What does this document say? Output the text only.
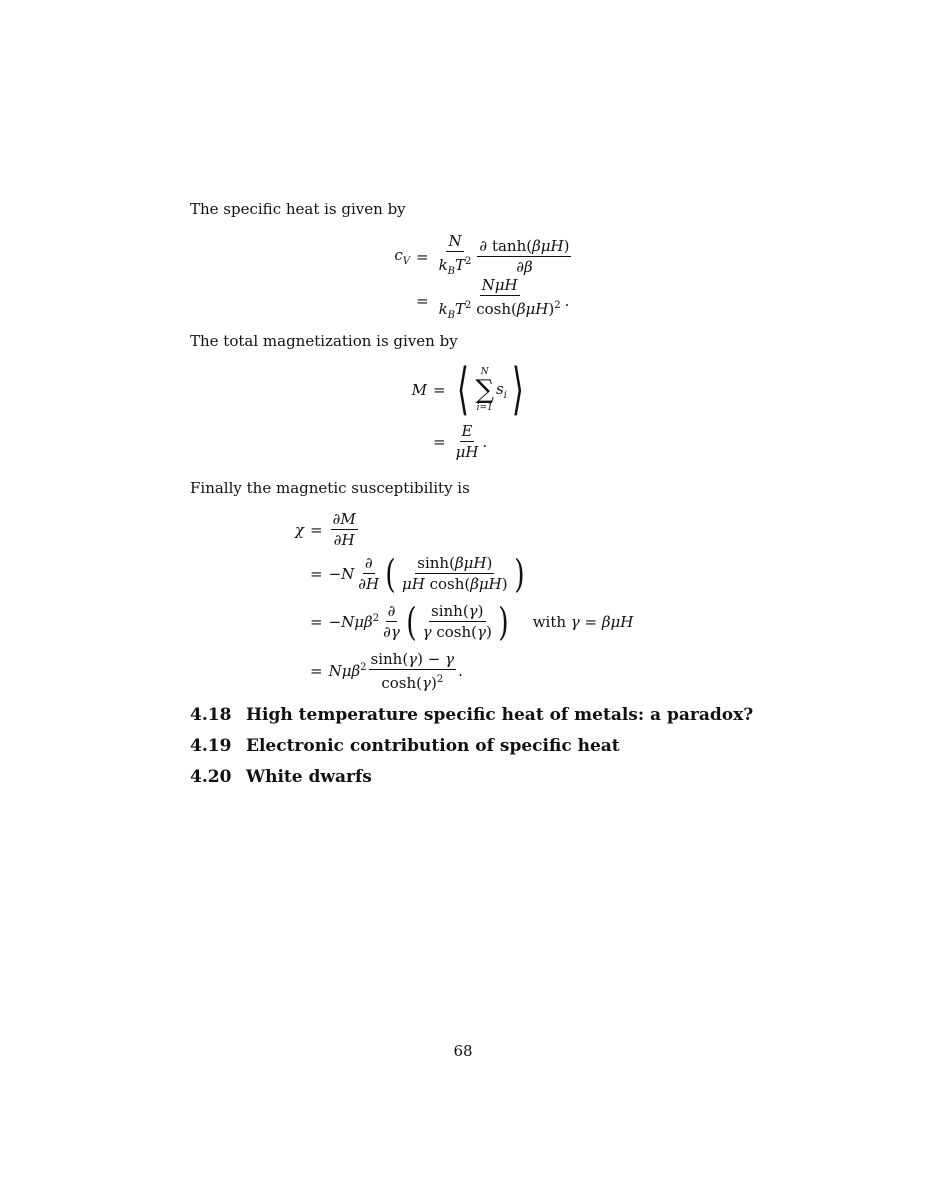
The specific heat is given by
$c_V = \frac{N}{k_BT^2} \frac{\text{∂ tanh(βμH)}}{\partial\beta}$
= $\frac{\text{NμH}}{k_BT^2 \cosh(\beta\mu H)^2}$ .
The total magnetization is given by
M = ⟨ N
∑
i=1
$s_i$ ⟩
= $\frac{E}{\mu H}$ .
Finally the magnetic susceptibility is
$\chi = \frac{\partial M}{\partial H}$
= $-N \frac{\partial}{\partial H}$ ( $\frac{\text{sinh(βμH)}}{\text{μH cosh(βμH)}}$ )
= $-N\mu\beta^2 \frac{\partial}{\partial\gamma}$ ( $\frac{\sinh(\gamma)}{\text{γ cosh(γ)}}$ ) with γ = βμH
= $N\mu\beta^2 \frac{\sinh(\gamma) - \gamma}{\cosh(\gamma)^2}$ .
4.18 High temperature specific heat of metals: a paradox?
4.19 Electronic contribution of specific heat
4.20 White dwarfs
68
